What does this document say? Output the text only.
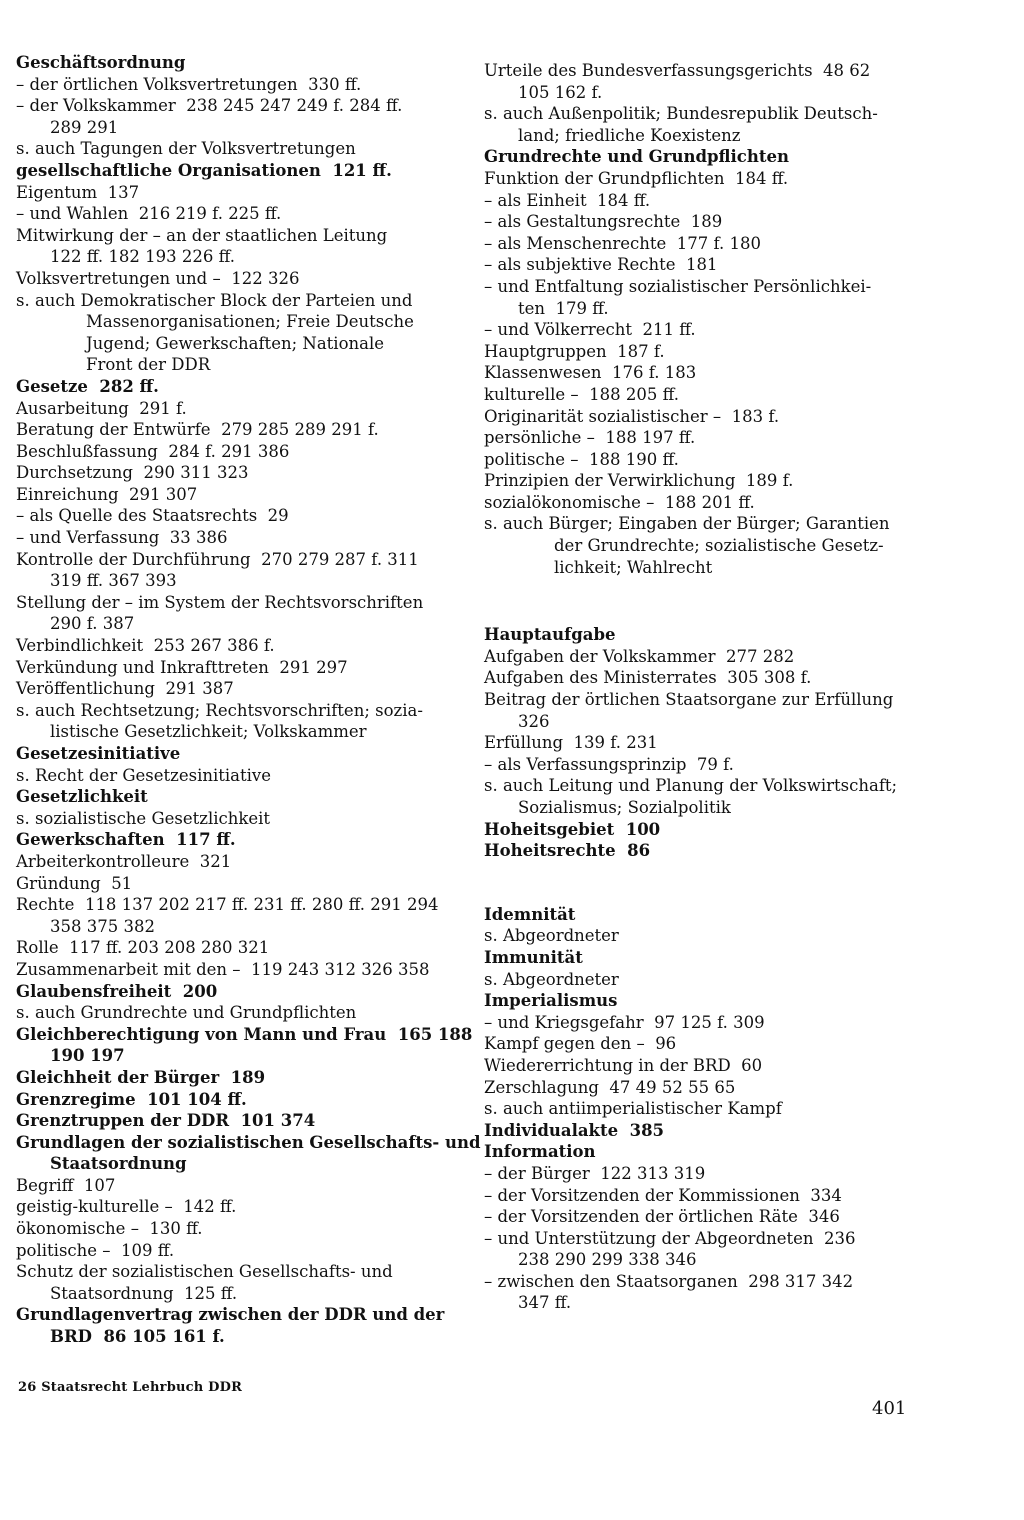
Geschäftsordnung
– der örtlichen Volksvertretungen  330 ff.
– der Volkskammer  238 245 247 249 f. 284 ff.
289 291
s. auch Tagungen der Volksvertretungen
gesellschaftliche Organisationen  121 ff.
Eigentum  137
– und Wahlen  216 219 f. 225 ff.
Mitwirkung der – an der staatlichen Leitung
122 ff. 182 193 226 ff.
Volksvertretungen und –  122 326
s. auch Demokratischer Block der Parteien und
Massenorganisationen; Freie Deutsche
Jugend; Gewerkschaften; Nationale
Front der DDR
Gesetze  282 ff.
Ausarbeitung  291 f.
Beratung der Entwürfe  279 285 289 291 f.
Beschlußfassung  284 f. 291 386
Durchsetzung  290 311 323
Einreichung  291 307
– als Quelle des Staatsrechts  29
– und Verfassung  33 386
Kontrolle der Durchführung  270 279 287 f. 311
319 ff. 367 393
Stellung der – im System der Rechtsvorschriften
290 f. 387
Verbindlichkeit  253 267 386 f.
Verkündung und Inkrafttreten  291 297
Veröffentlichung  291 387
s. auch Rechtsetzung; Rechtsvorschriften; sozia-
listische Gesetzlichkeit; Volkskammer
Gesetzesinitiative
s. Recht der Gesetzesinitiative
Gesetzlichkeit
s. sozialistische Gesetzlichkeit
Gewerkschaften  117 ff.
Arbeiterkontrolleure  321
Gründung  51
Rechte  118 137 202 217 ff. 231 ff. 280 ff. 291 294
358 375 382
Rolle  117 ff. 203 208 280 321
Zusammenarbeit mit den –  119 243 312 326 358
Glaubensfreiheit  200
s. auch Grundrechte und Grundpflichten
Gleichberechtigung von Mann und Frau  165 188
190 197
Gleichheit der Bürger  189
Grenzregime  101 104 ff.
Grenztruppen der DDR  101 374
Grundlagen der sozialistischen Gesellschafts- und
Staatsordnung
Begriff  107
geistig-kulturelle –  142 ff.
ökonomische –  130 ff.
politische –  109 ff.
Schutz der sozialistischen Gesellschafts- und
Staatsordnung  125 ff.
Grundlagenvertrag zwischen der DDR und der
BRD  86 105 161 f.
Urteile des Bundesverfassungsgerichts  48 62
105 162 f.
s. auch Außenpolitik; Bundesrepublik Deutsch-
land; friedliche Koexistenz
Grundrechte und Grundpflichten
Funktion der Grundpflichten  184 ff.
– als Einheit  184 ff.
– als Gestaltungsrechte  189
– als Menschenrechte  177 f. 180
– als subjektive Rechte  181
– und Entfaltung sozialistischer Persönlichkei-
ten  179 ff.
– und Völkerrecht  211 ff.
Hauptgruppen  187 f.
Klassenwesen  176 f. 183
kulturelle –  188 205 ff.
Originarität sozialistischer –  183 f.
persönliche –  188 197 ff.
politische –  188 190 ff.
Prinzipien der Verwirklichung  189 f.
sozialökonomische –  188 201 ff.
s. auch Bürger; Eingaben der Bürger; Garantien
der Grundrechte; sozialistische Gesetz-
lichkeit; Wahlrecht
Hauptaufgabe
Aufgaben der Volkskammer  277 282
Aufgaben des Ministerrates  305 308 f.
Beitrag der örtlichen Staatsorgane zur Erfüllung
326
Erfüllung  139 f. 231
– als Verfassungsprinzip  79 f.
s. auch Leitung und Planung der Volkswirtschaft;
Sozialismus; Sozialpolitik
Hoheitsgebiet  100
Hoheitsrechte  86
Idemnität
s. Abgeordneter
Immunität
s. Abgeordneter
Imperialismus
– und Kriegsgefahr  97 125 f. 309
Kampf gegen den –  96
Wiedererrichtung in der BRD  60
Zerschlagung  47 49 52 55 65
s. auch antiimperialistischer Kampf
Individualakte  385
Information
– der Bürger  122 313 319
– der Vorsitzenden der Kommissionen  334
– der Vorsitzenden der örtlichen Räte  346
– und Unterstützung der Abgeordneten  236
238 290 299 338 346
– zwischen den Staatsorganen  298 317 342
347 ff.
26 Staatsrecht Lehrbuch DDR
401
